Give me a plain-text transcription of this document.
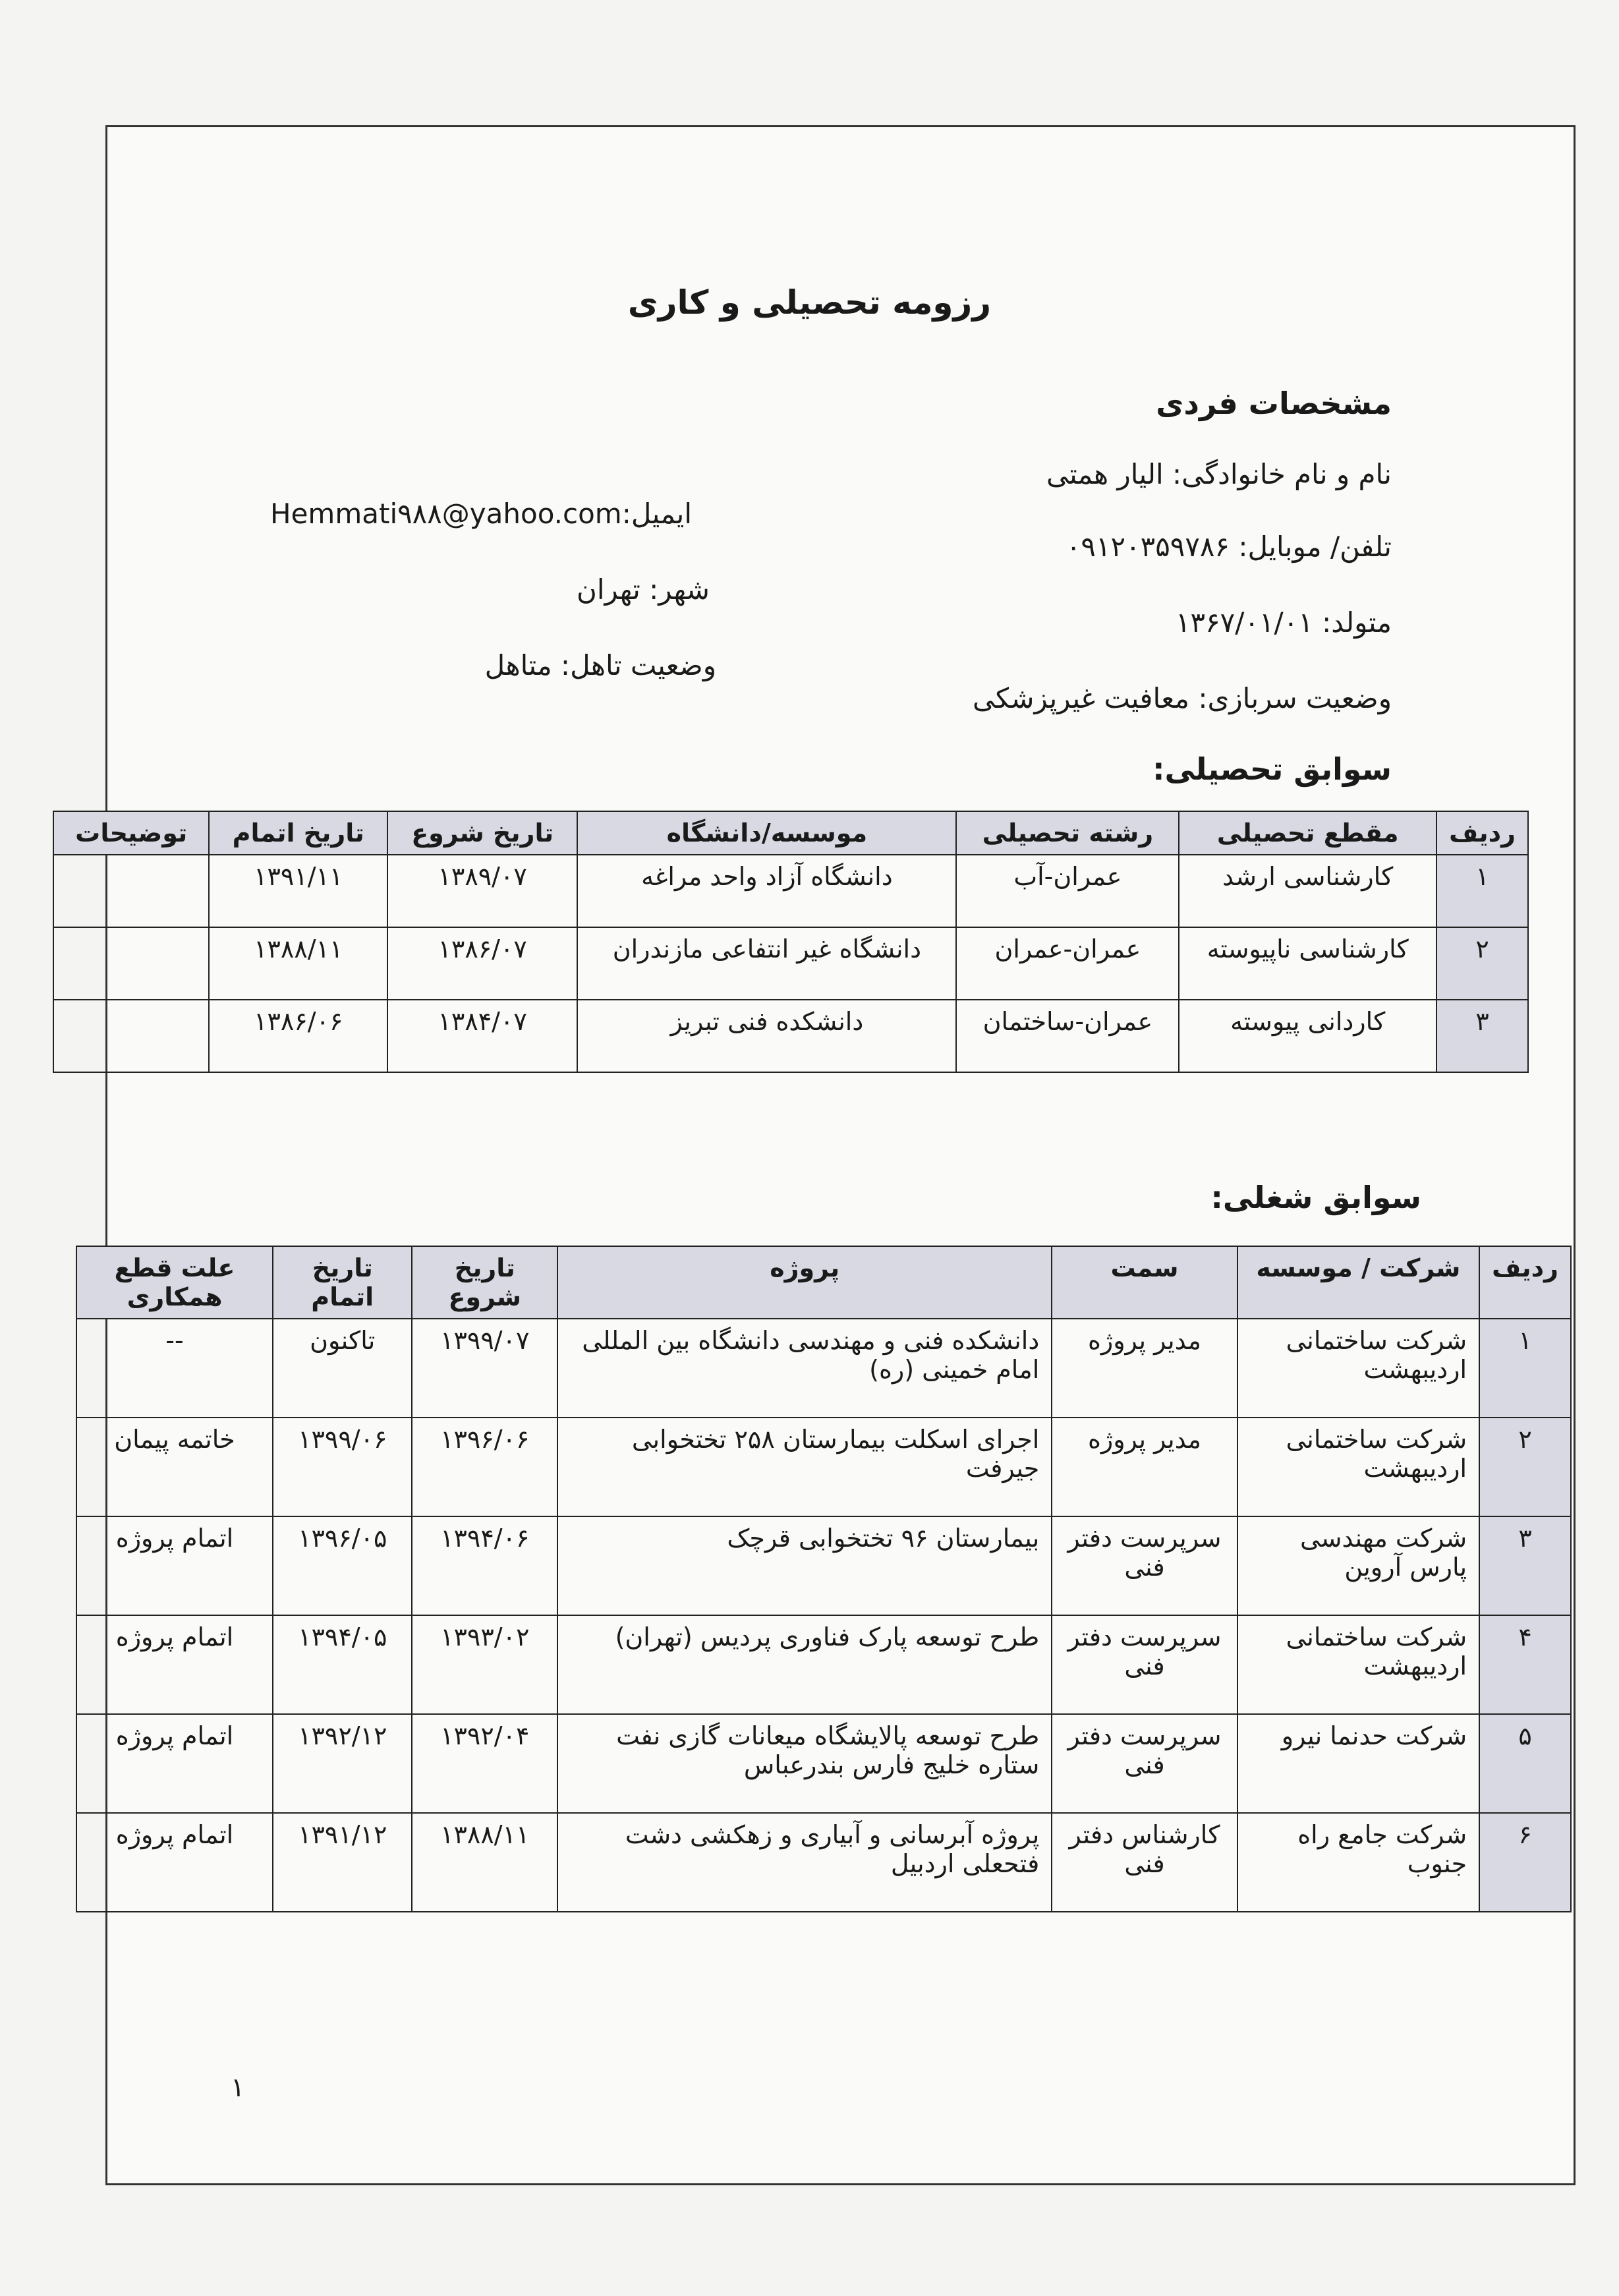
رزومه تحصیلی و کاری
مشخصات فردی
نام و نام خانوادگی: الیار همتی
تلفن/ موبایل: ۰۹۱۲۰۳۵۹۷۸۶
متولد: ۱۳۶۷/۰۱/۰۱
وضعیت سربازی: معافیت غیرپزشکی
ایمیل:Hemmati۹۸۸@yahoo.com
شهر: تهران
وضعیت تاهل: متاهل
سوابق تحصیلی:
ردیف	مقطع تحصیلی	رشته تحصیلی	موسسه/دانشگاه	تاریخ شروع	تاریخ اتمام	توضیحات
۱	کارشناسی ارشد	عمران-آب	دانشگاه آزاد واحد مراغه	۱۳۸۹/۰۷	۱۳۹۱/۱۱	
۲	کارشناسی ناپیوسته	عمران-عمران	دانشگاه غیر انتفاعی مازندران	۱۳۸۶/۰۷	۱۳۸۸/۱۱	
۳	کاردانی پیوسته	عمران-ساختمان	دانشکده فنی تبریز	۱۳۸۴/۰۷	۱۳۸۶/۰۶	
سوابق شغلی:
ردیف	شرکت / موسسه	سمت	پروژه	تاریخ شروع	تاریخ اتمام	علت قطع همکاری
۱	شرکت ساختمانی اردیبهشت	مدیر پروژه	دانشکده فنی و مهندسی دانشگاه بین المللی امام خمینی (ره)	۱۳۹۹/۰۷	تاکنون	--
۲	شرکت ساختمانی اردیبهشت	مدیر پروژه	اجرای اسکلت بیمارستان ۲۵۸ تختخوابی جیرفت	۱۳۹۶/۰۶	۱۳۹۹/۰۶	خاتمه پیمان
۳	شرکت مهندسی پارس آروین	سرپرست دفتر فنی	بیمارستان ۹۶ تختخوابی قرچک	۱۳۹۴/۰۶	۱۳۹۶/۰۵	اتمام پروژه
۴	شرکت ساختمانی اردیبهشت	سرپرست دفتر فنی	طرح توسعه پارک فناوری پردیس (تهران)	۱۳۹۳/۰۲	۱۳۹۴/۰۵	اتمام پروژه
۵	شرکت حدنما نیرو	سرپرست دفتر فنی	طرح توسعه پالایشگاه میعانات گازی نفت ستاره خلیج فارس بندرعباس	۱۳۹۲/۰۴	۱۳۹۲/۱۲	اتمام پروژه
۶	شرکت جامع راه جنوب	کارشناس دفتر فنی	پروژه آبرسانی و آبیاری و زهکشی دشت فتحعلی اردبیل	۱۳۸۸/۱۱	۱۳۹۱/۱۲	اتمام پروژه
۱
